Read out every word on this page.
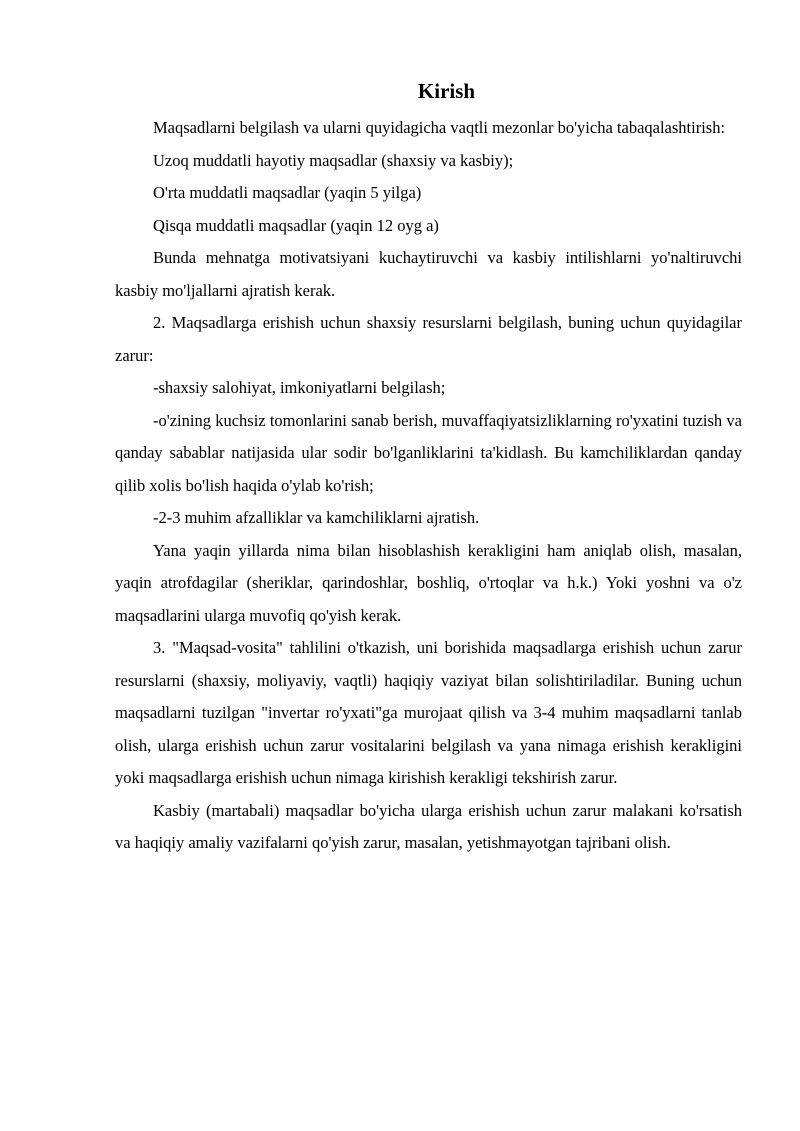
Kirish

Maqsadlarni belgilash va ularni quyidagicha vaqtli mezonlar bo'yicha tabaqalashtirish:

Uzoq muddatli hayotiy maqsadlar (shaxsiy va kasbiy);

O'rta muddatli maqsadlar (yaqin 5 yilga)

Qisqa muddatli maqsadlar (yaqin 12 oyg a)

Bunda mehnatga motivatsiyani kuchaytiruvchi va kasbiy intilishlarni yo'naltiruvchi kasbiy mo'ljallarni ajratish kerak.

2. Maqsadlarga erishish uchun shaxsiy resurslarni belgilash, buning uchun quyidagilar zarur:

-shaxsiy salohiyat, imkoniyatlarni belgilash;

-o'zining kuchsiz tomonlarini sanab berish, muvaffaqiyatsizliklarning ro'yxatini tuzish va qanday sabablar natijasida ular sodir bo'lganliklarini ta'kidlash. Bu kamchiliklardan qanday qilib xolis bo'lish haqida o'ylab ko'rish;

-2-3 muhim afzalliklar va kamchiliklarni ajratish.

Yana yaqin yillarda nima bilan hisoblashish kerakligini ham aniqlab olish, masalan, yaqin atrofdagilar (sheriklar, qarindoshlar, boshliq, o'rtoqlar va h.k.) Yoki yoshni va o'z maqsadlarini ularga muvofiq qo'yish kerak.

3. "Maqsad-vosita" tahlilini o'tkazish, uni borishida maqsadlarga erishish uchun zarur resurslarni (shaxsiy, moliyaviy, vaqtli) haqiqiy vaziyat bilan solishtiriladilar. Buning uchun maqsadlarni tuzilgan "invertar ro'yxati"ga murojaat qilish va 3-4 muhim maqsadlarni tanlab olish, ularga erishish uchun zarur vositalarini belgilash va yana nimaga erishish kerakligini yoki maqsadlarga erishish uchun nimaga kirishish kerakligi tekshirish zarur.

Kasbiy (martabali) maqsadlar bo'yicha ularga erishish uchun zarur malakani ko'rsatish va haqiqiy amaliy vazifalarni qo'yish zarur, masalan, yetishmayotgan tajribani olish.
